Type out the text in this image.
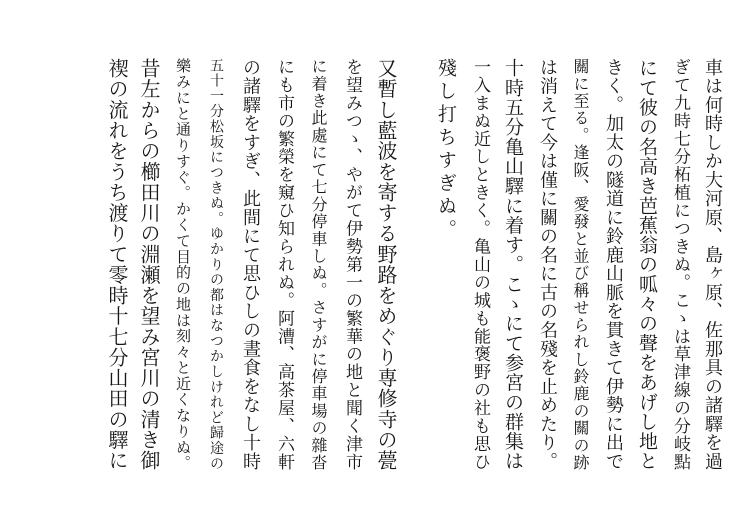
車は何時しか大河原、島ヶ原、佐那具の諸驛を過
ぎて九時七分柘植につきぬ。こゝは草津線の分岐點
にて彼の名高き芭蕉翁の呱々の聲をあげし地と
きく。加太の隧道に鈴鹿山脈を貫きて伊勢に出で
關に至る。逢阪、愛發と並び稱せられし鈴鹿の關の跡
は消えて今は僅に關の名に古の名殘を止めたり。
十時五分亀山驛に着す。こゝにて参宮の群集は
一入まぬ近しときく。亀山の城も能褒野の社も思ひ
殘し打ちすぎぬ。
又暫し藍波を寄する野路をめぐり専修寺の甍
を望みつゝ、やがて伊勢第一の繁華の地と聞く津市
に着き此處にて七分停車しぬ。さすがに停車場の雜沓
にも市の繁榮を窺ひ知られぬ。阿漕、高茶屋、六軒
の諸驛をすぎ、此間にて思ひしの晝食をなし十時
五十一分松坂につきぬ。ゆかりの都はなつかしけれど歸途の
樂みにと通りすぐ。かくて目的の地は刻々と近くなりぬ。
昔左からの櫛田川の淵瀬を望み宮川の清き御
禊の流れをうち渡りて零時十七分山田の驛に
